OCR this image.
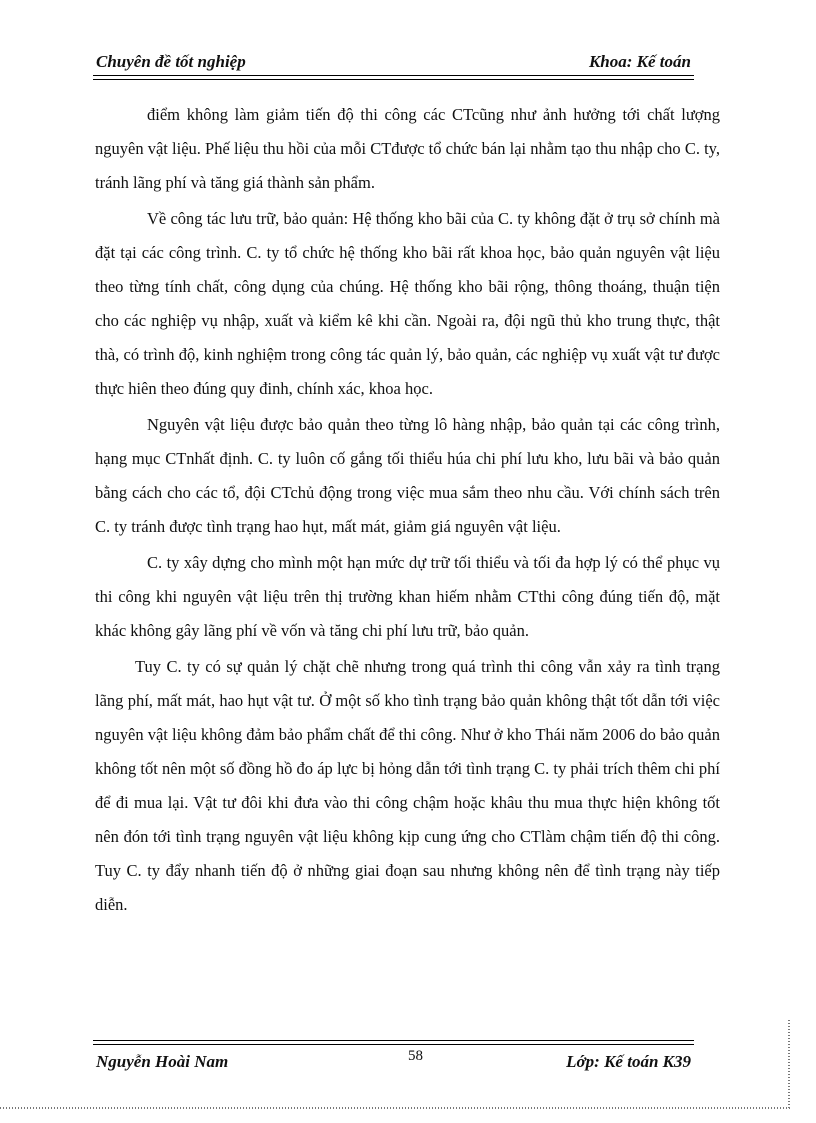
Chuyên đề tốt nghiệp	Khoa: Kế toán

điểm không làm giảm tiến độ thi công các CTcũng như ảnh hưởng tới chất lượng nguyên vật liệu. Phế liệu thu hồi của mỗi CTđược tổ chức bán lại nhằm tạo thu nhập cho C. ty, tránh lãng phí và tăng giá thành sản phẩm.

Về công tác lưu trữ, bảo quản: Hệ thống kho bãi của C. ty không đặt ở trụ sở chính mà đặt tại các công trình. C. ty tổ chức hệ thống kho bãi rất khoa học, bảo quản nguyên vật liệu theo từng tính chất, công dụng của chúng. Hệ thống kho bãi rộng, thông thoáng, thuận tiện cho các nghiệp vụ nhập, xuất và kiểm kê khi cần. Ngoài ra, đội ngũ thủ kho trung thực, thật thà, có trình độ, kinh nghiệm trong công tác quản lý, bảo quản, các nghiệp vụ xuất vật tư được thực hiên theo đúng quy đinh, chính xác, khoa học.

Nguyên vật liệu được bảo quản theo từng lô hàng nhập, bảo quản tại các công trình, hạng mục CTnhất định. C. ty luôn cố gắng tối thiểu húa chi phí lưu kho, lưu bãi và bảo quản bằng cách cho các tổ, đội CTchủ động trong việc mua sắm theo nhu cầu. Với chính sách trên C. ty tránh được tình trạng hao hụt, mất mát, giảm giá nguyên vật liệu.

C. ty xây dựng cho mình một hạn mức dự trữ tối thiểu và tối đa hợp lý có thể phục vụ thi công khi nguyên vật liệu trên thị trường khan hiếm nhằm CTthi công đúng tiến độ, mặt khác không gây lãng phí về vốn và tăng chi phí lưu trữ, bảo quản.

Tuy C. ty có sự quản lý chặt chẽ nhưng trong quá trình thi công vẫn xảy ra tình trạng lãng phí, mất mát, hao hụt vật tư. Ở một số kho tình trạng bảo quản không thật tốt dẫn tới việc nguyên vật liệu không đảm bảo phẩm chất để thi công. Như ở kho Thái năm 2006 do bảo quản không tốt nên một số đồng hồ đo áp lực bị hỏng dẫn tới tình trạng C. ty phải trích thêm chi phí để đi mua lại. Vật tư đôi khi đưa vào thi công chậm hoặc khâu thu mua thực hiện không tốt nên đón tới tình trạng nguyên vật liệu không kịp cung ứng cho CTlàm chậm tiến độ thi công. Tuy C. ty đẩy nhanh tiến độ ở những giai đoạn sau nhưng không nên để tình trạng này tiếp diễn.

Nguyễn Hoài Nam	58	Lớp: Kế toán K39
